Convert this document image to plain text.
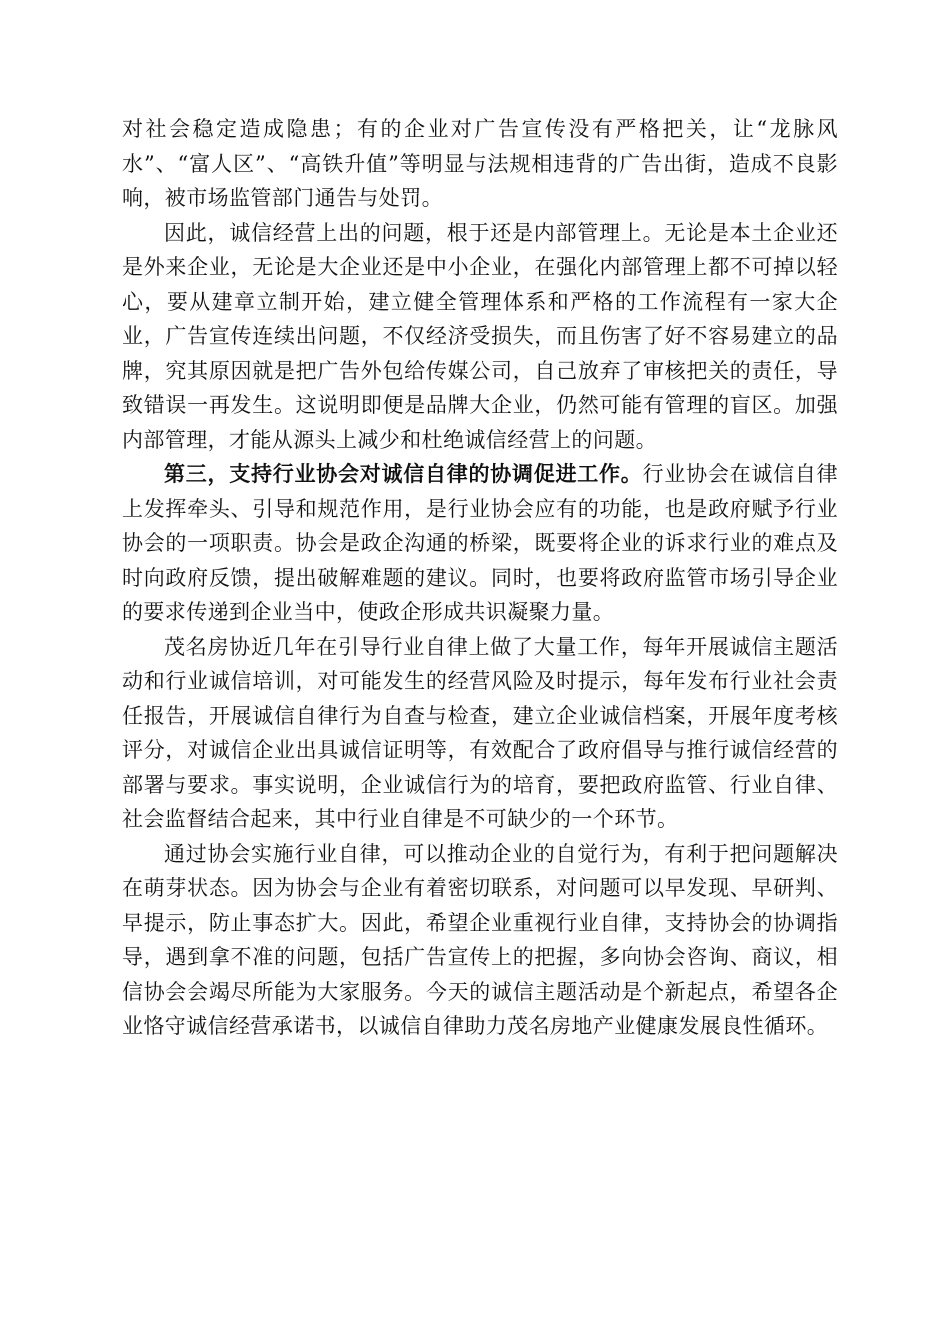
对社会稳定造成隐患；有的企业对广告宣传没有严格把关，让“龙脉风水”、“富人区”、“高铁升值”等明显与法规相违背的广告出街，造成不良影响，被市场监管部门通告与处罚。

因此，诚信经营上出的问题，根于还是内部管理上。无论是本土企业还是外来企业，无论是大企业还是中小企业，在强化内部管理上都不可掉以轻心，要从建章立制开始，建立健全管理体系和严格的工作流程有一家大企业，广告宣传连续出问题，不仅经济受损失，而且伤害了好不容易建立的品牌，究其原因就是把广告外包给传媒公司，自己放弃了审核把关的责任，导致错误一再发生。这说明即便是品牌大企业，仍然可能有管理的盲区。加强内部管理，才能从源头上减少和杜绝诚信经营上的问题。

第三，支持行业协会对诚信自律的协调促进工作。行业协会在诚信自律上发挥牵头、引导和规范作用，是行业协会应有的功能，也是政府赋予行业协会的一项职责。协会是政企沟通的桥梁，既要将企业的诉求行业的难点及时向政府反馈，提出破解难题的建议。同时，也要将政府监管市场引导企业的要求传递到企业当中，使政企形成共识凝聚力量。

茂名房协近几年在引导行业自律上做了大量工作，每年开展诚信主题活动和行业诚信培训，对可能发生的经营风险及时提示，每年发布行业社会责任报告，开展诚信自律行为自查与检查，建立企业诚信档案，开展年度考核评分，对诚信企业出具诚信证明等，有效配合了政府倡导与推行诚信经营的部署与要求。事实说明，企业诚信行为的培育，要把政府监管、行业自律、社会监督结合起来，其中行业自律是不可缺少的一个环节。

通过协会实施行业自律，可以推动企业的自觉行为，有利于把问题解决在萌芽状态。因为协会与企业有着密切联系，对问题可以早发现、早研判、早提示，防止事态扩大。因此，希望企业重视行业自律，支持协会的协调指导，遇到拿不准的问题，包括广告宣传上的把握，多向协会咨询、商议，相信协会会竭尽所能为大家服务。今天的诚信主题活动是个新起点，希望各企业恪守诚信经营承诺书，以诚信自律助力茂名房地产业健康发展良性循环。
